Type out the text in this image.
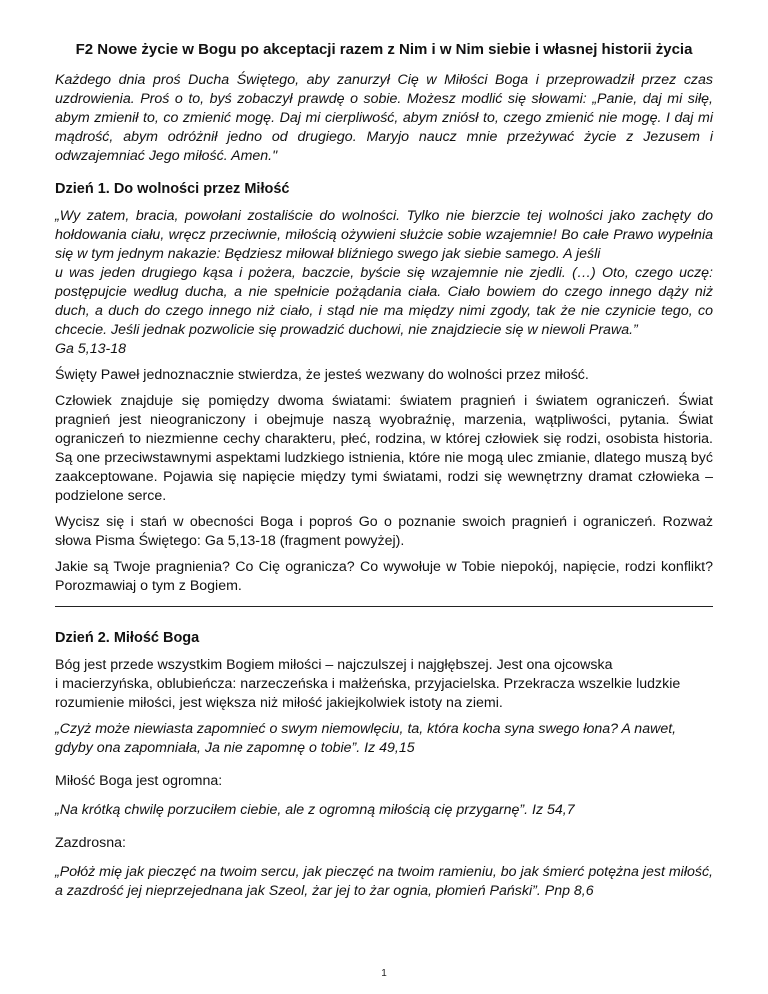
F2 Nowe życie w Bogu po akceptacji razem z Nim i w Nim siebie i własnej historii życia

Każdego dnia proś Ducha Świętego, aby zanurzył Cię w Miłości Boga i przeprowadził przez czas uzdrowienia. Proś o to, byś zobaczył prawdę o sobie. Możesz modlić się słowami: „Panie, daj mi siłę, abym zmienił to, co zmienić mogę. Daj mi cierpliwość, abym zniósł to, czego zmienić nie mogę. I daj mi mądrość, abym odróżnił jedno od drugiego. Maryjo naucz mnie przeżywać życie z Jezusem i odwzajemniać Jego miłość. Amen."

Dzień 1. Do wolności przez Miłość

„Wy zatem, bracia, powołani zostaliście do wolności. Tylko nie bierzcie tej wolności jako zachęty do hołdowania ciału, wręcz przeciwnie, miłością ożywieni służcie sobie wzajemnie! Bo całe Prawo wypełnia się w tym jednym nakazie: Będziesz miłował bliźniego swego jak siebie samego. A jeśli
u was jeden drugiego kąsa i pożera, baczcie, byście się wzajemnie nie zjedli. (…) Oto, czego uczę: postępujcie według ducha, a nie spełnicie pożądania ciała. Ciało bowiem do czego innego dąży niż duch, a duch do czego innego niż ciało, i stąd nie ma między nimi zgody, tak że nie czynicie tego, co chcecie. Jeśli jednak pozwolicie się prowadzić duchowi, nie znajdziecie się w niewoli Prawa.”
Ga 5,13-18

Święty Paweł jednoznacznie stwierdza, że jesteś wezwany do wolności przez miłość.

Człowiek znajduje się pomiędzy dwoma światami: światem pragnień i światem ograniczeń. Świat pragnień jest nieograniczony i obejmuje naszą wyobraźnię, marzenia, wątpliwości, pytania. Świat ograniczeń to niezmienne cechy charakteru, płeć, rodzina, w której człowiek się rodzi, osobista historia. Są one przeciwstawnymi aspektami ludzkiego istnienia, które nie mogą ulec zmianie, dlatego muszą być zaakceptowane. Pojawia się napięcie między tymi światami, rodzi się wewnętrzny dramat człowieka – podzielone serce.

Wycisz się i stań w obecności Boga i poproś Go o poznanie swoich pragnień i ograniczeń. Rozważ słowa Pisma Świętego: Ga 5,13-18 (fragment powyżej).

Jakie są Twoje pragnienia? Co Cię ogranicza? Co wywołuje w Tobie niepokój, napięcie, rodzi konflikt? Porozmawiaj o tym z Bogiem.

Dzień 2. Miłość Boga

Bóg jest przede wszystkim Bogiem miłości – najczulszej i najgłębszej. Jest ona ojcowska
i macierzyńska, oblubieńcza: narzeczeńska i małżeńska, przyjacielska. Przekracza wszelkie ludzkie rozumienie miłości, jest większa niż miłość jakiejkolwiek istoty na ziemi.

„Czyż może niewiasta zapomnieć o swym niemowlęciu, ta, która kocha syna swego łona? A nawet, gdyby ona zapomniała, Ja nie zapomnę o tobie”. Iz 49,15

Miłość Boga jest ogromna:

„Na krótką chwilę porzuciłem ciebie, ale z ogromną miłością cię przygarnę”. Iz 54,7

Zazdrosna:

„Połóż mię jak pieczęć na twoim sercu, jak pieczęć na twoim ramieniu, bo jak śmierć potężna jest miłość, a zazdrość jej nieprzejednana jak Szeol, żar jej to żar ognia, płomień Pański”. Pnp 8,6

1
